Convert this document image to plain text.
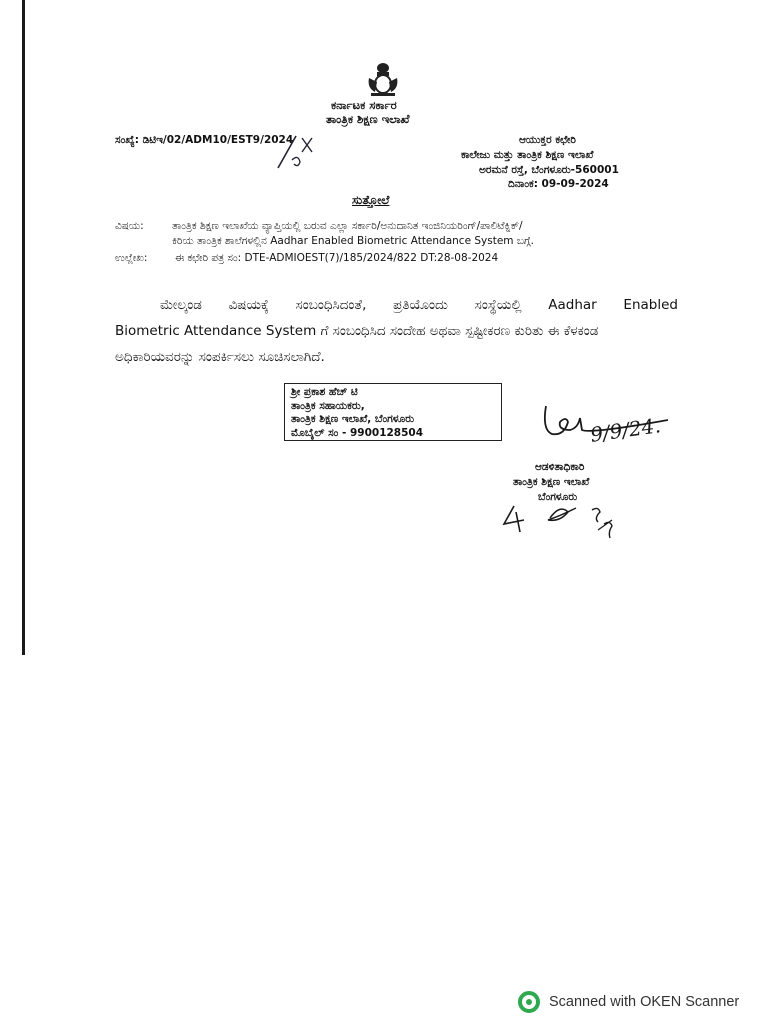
ಕರ್ನಾಟಕ ಸರ್ಕಾರ
ತಾಂತ್ರಿಕ ಶಿಕ್ಷಣ ಇಲಾಖೆ
ಸಂಖ್ಯೆ: ಡಿಟಿಇ/02/ADM10/EST9/2024	ಆಯುಕ್ತರ ಕಛೇರಿ
ಕಾಲೇಜು ಮತ್ತು ತಾಂತ್ರಿಕ ಶಿಕ್ಷಣ ಇಲಾಖೆ
ಅರಮನೆ ರಸ್ತೆ, ಬೆಂಗಳೂರು-560001
ದಿನಾಂಕ: 09-09-2024
ಸುತ್ತೋಲೆ
ವಿಷಯ:	ತಾಂತ್ರಿಕ ಶಿಕ್ಷಣ ಇಲಾಖೆಯ ವ್ಯಾಪ್ತಿಯಲ್ಲಿ ಬರುವ ಎಲ್ಲಾ ಸರ್ಕಾರಿ/ಅನುದಾನಿತ ಇಂಜಿನಿಯರಿಂಗ್/ಪಾಲಿಟೆಕ್ನಿಕ್/
ಕಿರಿಯ ತಾಂತ್ರಿಕ ಶಾಲೆಗಳಲ್ಲಿನ Aadhar Enabled Biometric Attendance System ಬಗ್ಗೆ.
ಉಲ್ಲೇಖ:	ಈ ಕಛೇರಿ ಪತ್ರ ಸಂ: DTE-ADMIOEST(7)/185/2024/822 DT:28-08-2024
ಮೇಲ್ಕಂಡ ವಿಷಯಕ್ಕೆ ಸಂಬಂಧಿಸಿದಂತೆ, ಪ್ರತಿಯೊಂದು ಸಂಸ್ಥೆಯಲ್ಲಿ Aadhar Enabled
Biometric Attendance System ಗೆ ಸಂಬಂಧಿಸಿದ ಸಂದೇಹ ಅಥವಾ ಸ್ಪಷ್ಟೀಕರಣ ಕುರಿತು ಈ ಕೆಳಕಂಡ
ಅಧಿಕಾರಿಯವರನ್ನು ಸಂಪರ್ಕಿಸಲು ಸೂಚಿಸಲಾಗಿದೆ.
ಶ್ರೀ ಪ್ರಕಾಶ ಹೆಚ್ ಟಿ
ತಾಂತ್ರಿಕ ಸಹಾಯಕರು,
ತಾಂತ್ರಿಕ ಶಿಕ್ಷಣ ಇಲಾಖೆ, ಬೆಂಗಳೂರು
ಮೊಬೈಲ್ ಸಂ - 9900128504	9/9/24.
ಆಡಳಿತಾಧಿಕಾರಿ
ತಾಂತ್ರಿಕ ಶಿಕ್ಷಣ ಇಲಾಖೆ
ಬೆಂಗಳೂರು
Scanned with OKEN Scanner
